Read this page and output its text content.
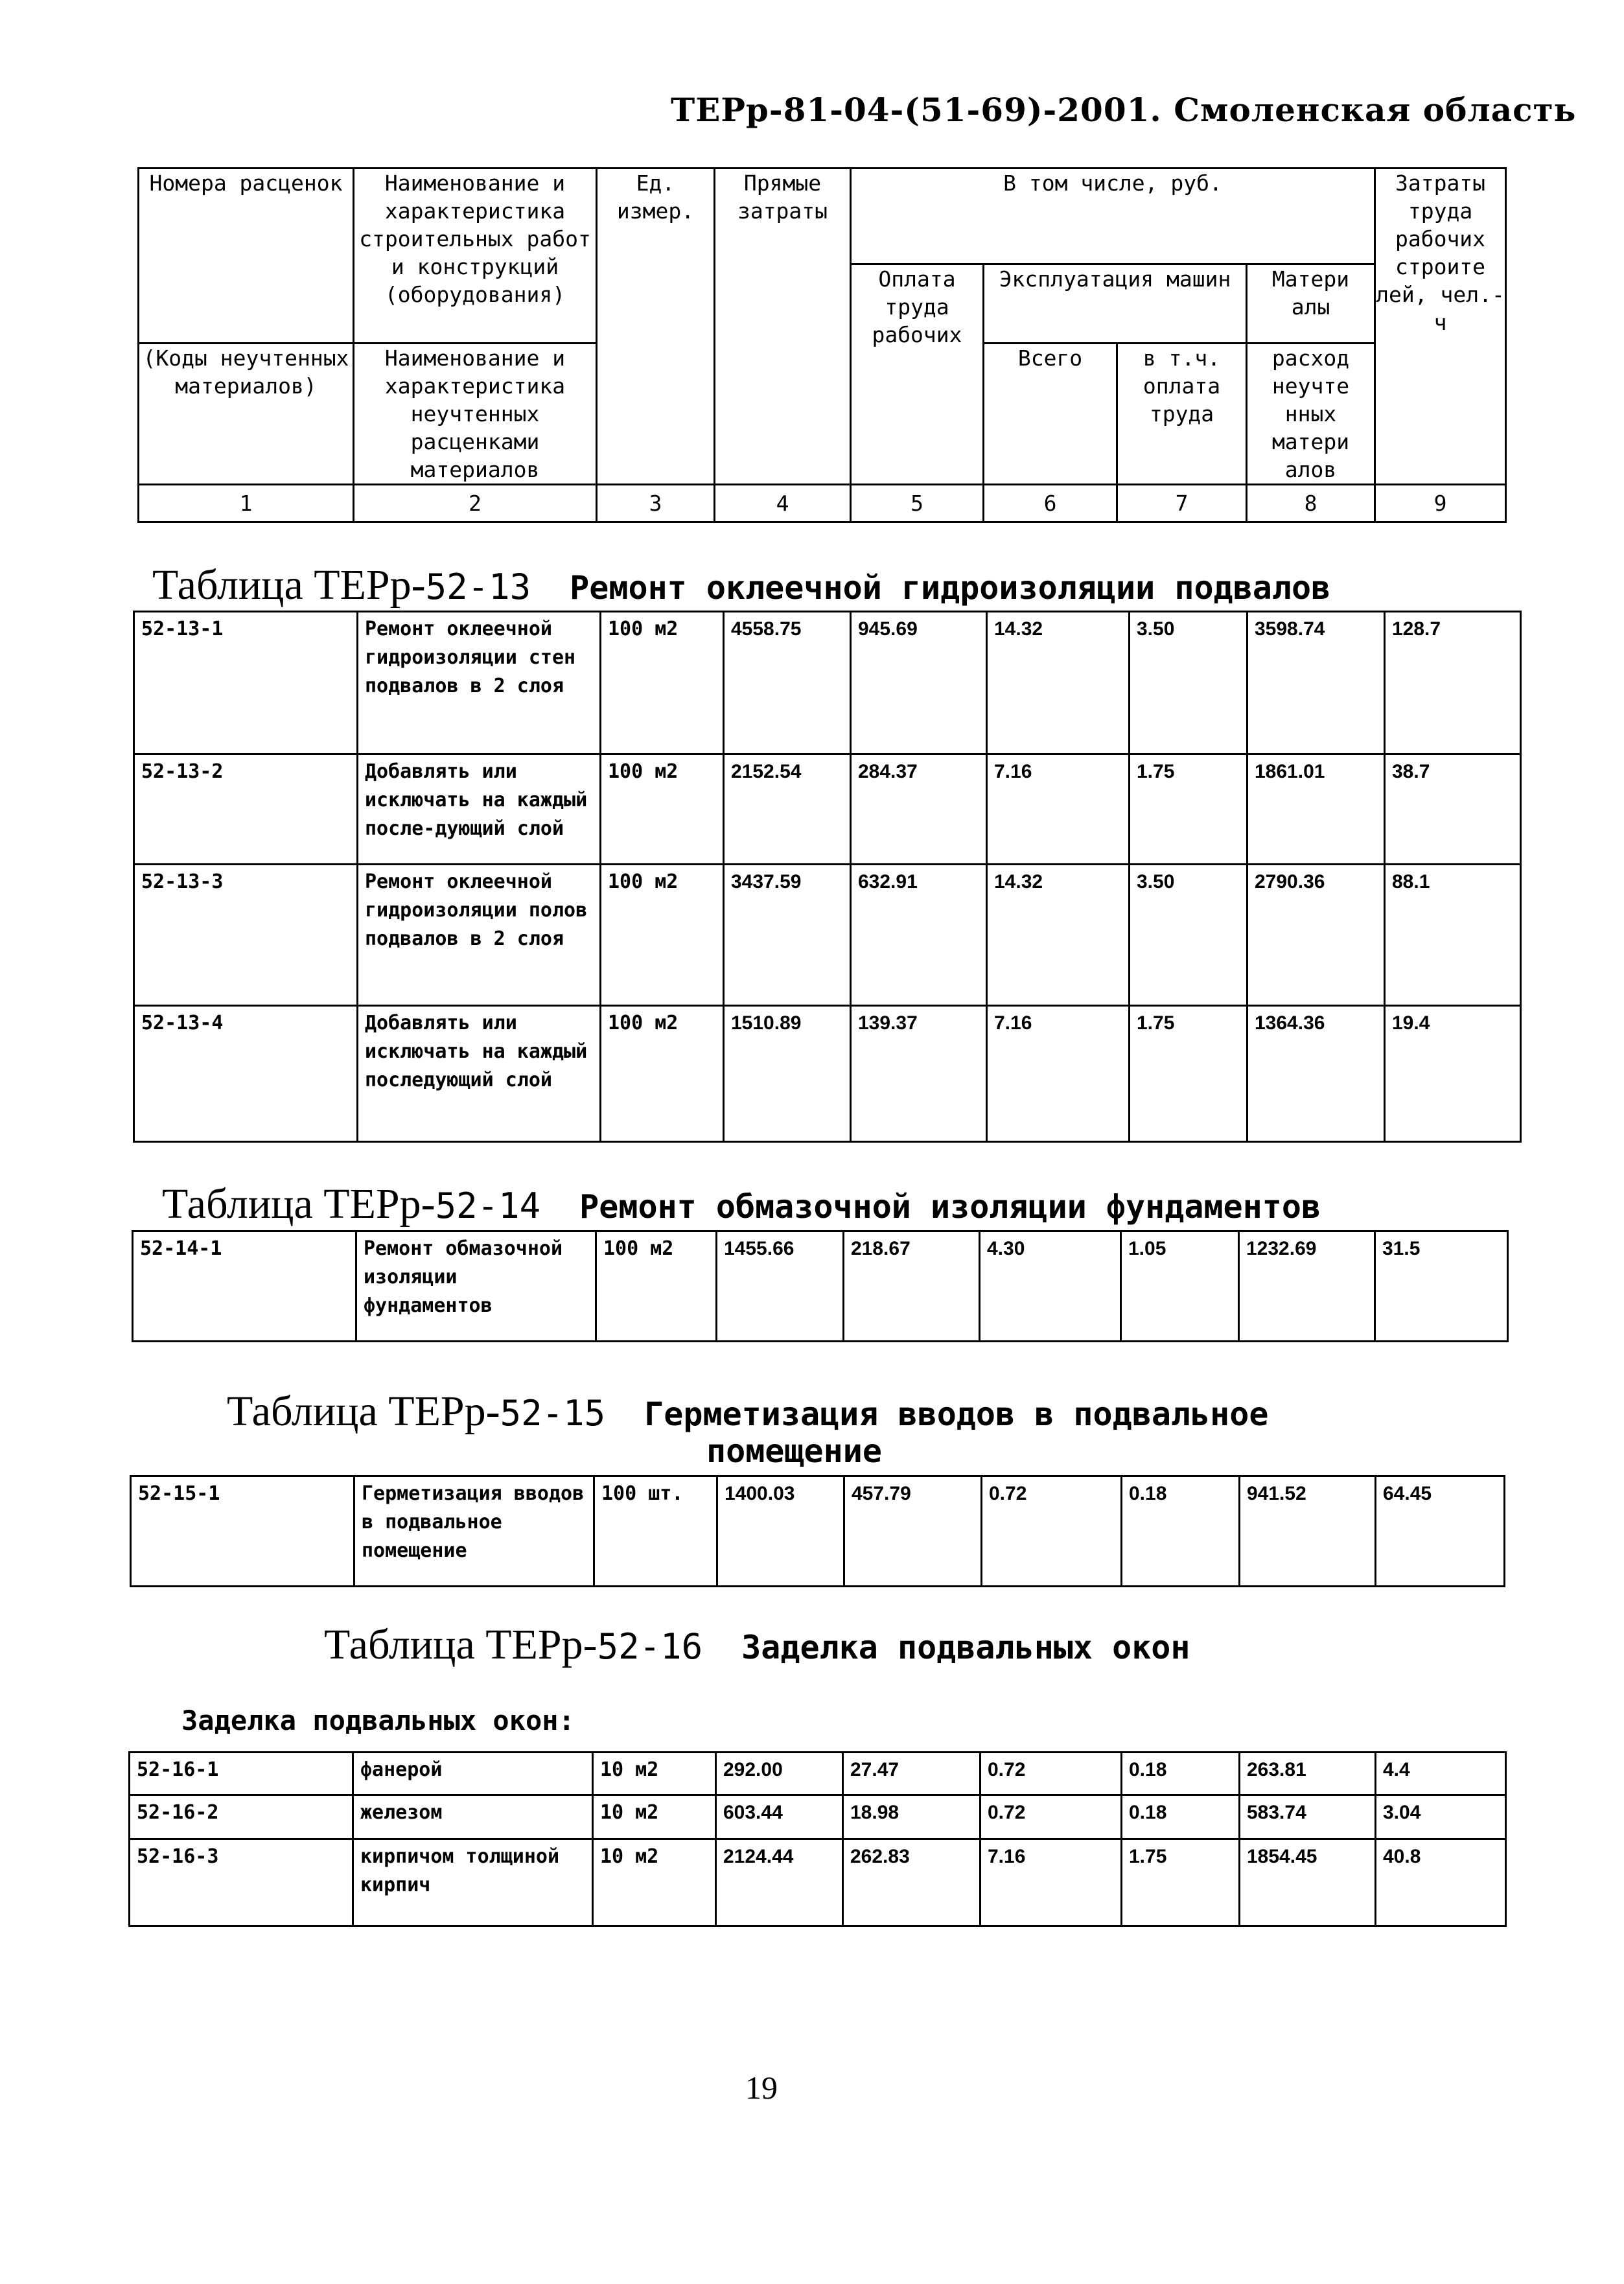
ТЕРр-81-04-(51-69)-2001. Смоленская область
Номера расценок	Наименование и характеристика строительных работ и конструкций (оборудования)	Ед. измер.	Прямые затраты	В том числе, руб.				Затраты труда рабочих строите лей, чел.-ч
				Оплата труда рабочих	Эксплуатация машин		Матери алы	
(Коды неучтенных материалов)	Наименование и характеристика неучтенных расценками материалов				Всего	в т.ч. оплата труда	расход неучте нных матери алов	
1	2	3	4	5	6	7	8	9
Таблица ТЕРр-52-13 Ремонт оклеечной гидроизоляции подвалов
52-13-1	Ремонт оклеечной гидроизоляции стен подвалов в 2 слоя	100 м2	4558.75	945.69	14.32	3.50	3598.74	128.7
52-13-2	Добавлять или исключать на каждый после-дующий слой	100 м2	2152.54	284.37	7.16	1.75	1861.01	38.7
52-13-3	Ремонт оклеечной гидроизоляции полов подвалов в 2 слоя	100 м2	3437.59	632.91	14.32	3.50	2790.36	88.1
52-13-4	Добавлять или исключать на каждый последующий слой	100 м2	1510.89	139.37	7.16	1.75	1364.36	19.4
Таблица ТЕРр-52-14 Ремонт обмазочной изоляции фундаментов
52-14-1	Ремонт обмазочной изоляции фундаментов	100 м2	1455.66	218.67	4.30	1.05	1232.69	31.5
Таблица ТЕРр-52-15 Герметизация вводов в подвальное
помещение
52-15-1	Герметизация вводов в подвальное помещение	100 шт.	1400.03	457.79	0.72	0.18	941.52	64.45
Таблица ТЕРр-52-16 Заделка подвальных окон
Заделка подвальных окон:
52-16-1	фанерой	10 м2	292.00	27.47	0.72	0.18	263.81	4.4
52-16-2	железом	10 м2	603.44	18.98	0.72	0.18	583.74	3.04
52-16-3	кирпичом толщиной кирпич	10 м2	2124.44	262.83	7.16	1.75	1854.45	40.8
19
